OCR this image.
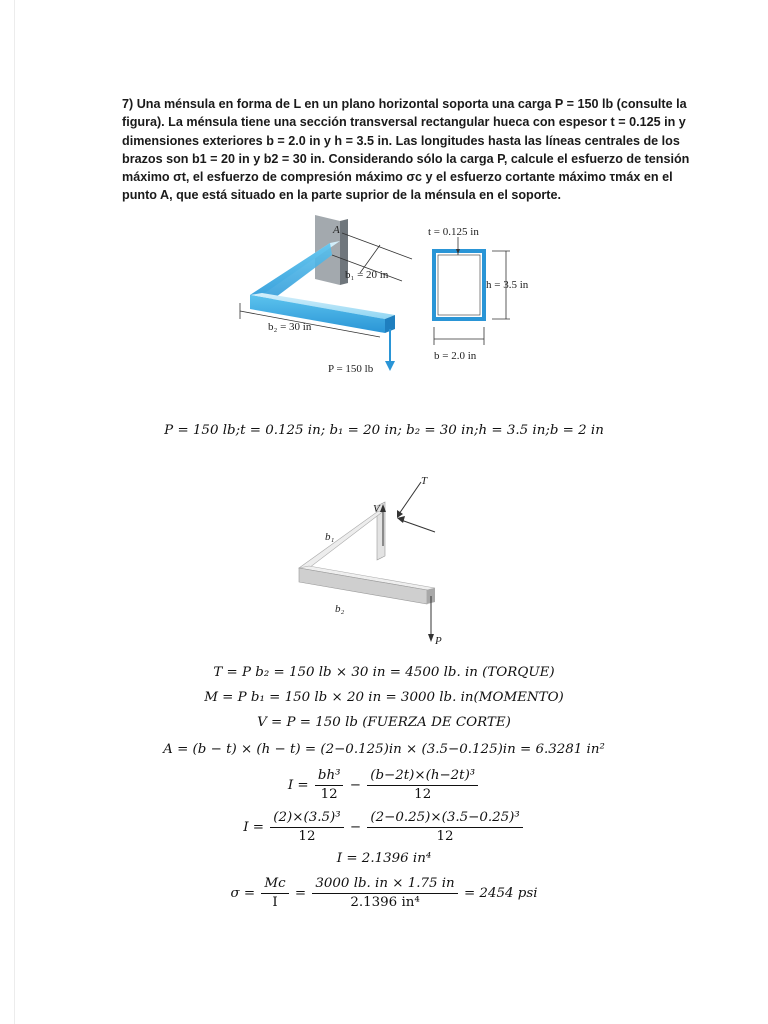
7) Una ménsula en forma de L en un plano horizontal soporta una carga P = 150 lb (consulte la
figura). La ménsula tiene una sección transversal rectangular hueca con espesor t = 0.125 in y
dimensiones exteriores b = 2.0 in y h = 3.5 in. Las longitudes hasta las líneas centrales de los
brazos son b1 = 20 in y b2 = 30 in. Considerando sólo la carga P, calcule el esfuerzo de tensión
máximo σt, el esfuerzo de compresión máximo σc y el esfuerzo cortante máximo τmáx en el
punto A, que está situado en la parte suprior de la ménsula en el soporte.
A
b₁ = 20 in
b₂ = 30 in
P = 150 lb
t = 0.125 in
h = 3.5 in
b = 2.0 in
P = 150 lb;t = 0.125 in; b₁ = 20 in; b₂ = 30 in;h = 3.5 in;b = 2 in
T
V
b₁
b₂
P
T = P b₂ = 150 lb × 30 in = 4500 lb. in (TORQUE)
M = P b₁ = 150 lb × 20 in = 3000 lb. in(MOMENTO)
V = P = 150 lb (FUERZA DE CORTE)
A = (b − t) × (h − t) = (2−0.125)in × (3.5−0.125)in = 6.3281 in²
$I = \frac{\text{bh³}}{12} - \frac{\text{(b−2t)×(h−2t)³}}{12}$
$I = \frac{\text{(2)×(3.5)³}}{12} - \frac{\text{(2−0.25)×(3.5−0.25)³}}{12}$
I = 2.1396 in⁴
$\sigma = \frac{Mc}{I} = \frac{3000 lb. in \times 1.75 in}{\text{2.1396 in⁴}} = 2454$ psi
